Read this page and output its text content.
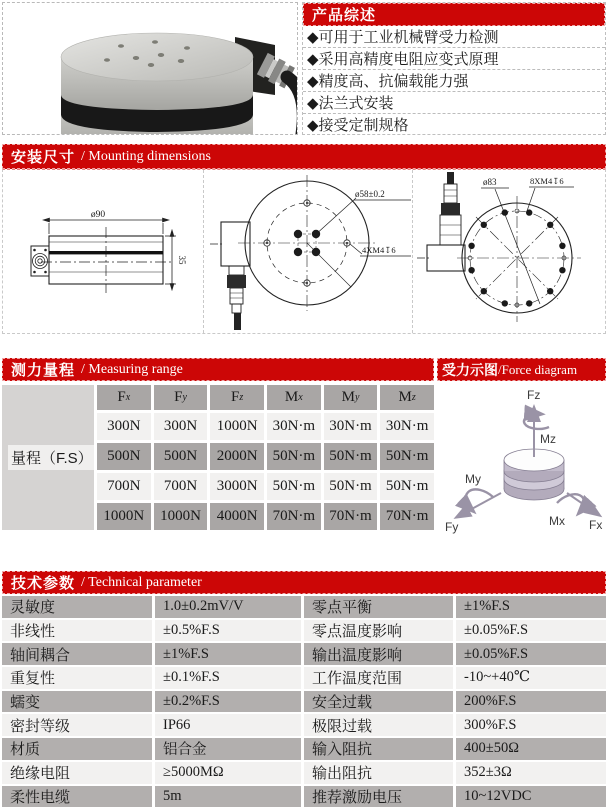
产品综述
◆可用于工业机械臂受力检测
◆采用高精度电阻应变式原理
◆精度高、抗偏载能力强
◆法兰式安装
◆接受定制规格
安装尺寸 / Mounting dimensions
ø90
35
ø58±0.2
4XM4↧6
ø83	8XM4↧6
测力量程 / Measuring range
量程（F.S）
F x	F y	F z	M x	M y	M z
300N	300N	1000N	30N·m 30N·m 30N·m
500N	500N	2000N	50N·m 50N·m 50N·m
700N	700N	3000N	50N·m 50N·m 50N·m
1000N	1000N	4000N	70N·m 70N·m 70N·m
受力示图 /Force diagram
Fz
Mz
My
Fy	Mx Fx
技术参数 / Technical parameter
灵敏度	1.0±0.2mV/V	零点平衡	±1%F.S
非线性	±0.5%F.S	零点温度影响	±0.05%F.S
轴间耦合	±1%F.S	输出温度影响	±0.05%F.S
重复性	±0.1%F.S	工作温度范围	-10~+40℃
蠕变	±0.2%F.S	安全过载	200%F.S
密封等级	IP66	极限过载	300%F.S
材质	铝合金	输入阻抗	400±50Ω
绝缘电阻	≥5000MΩ	输出阻抗	352±3Ω
柔性电缆	5m	推荐激励电压	10~12VDC
